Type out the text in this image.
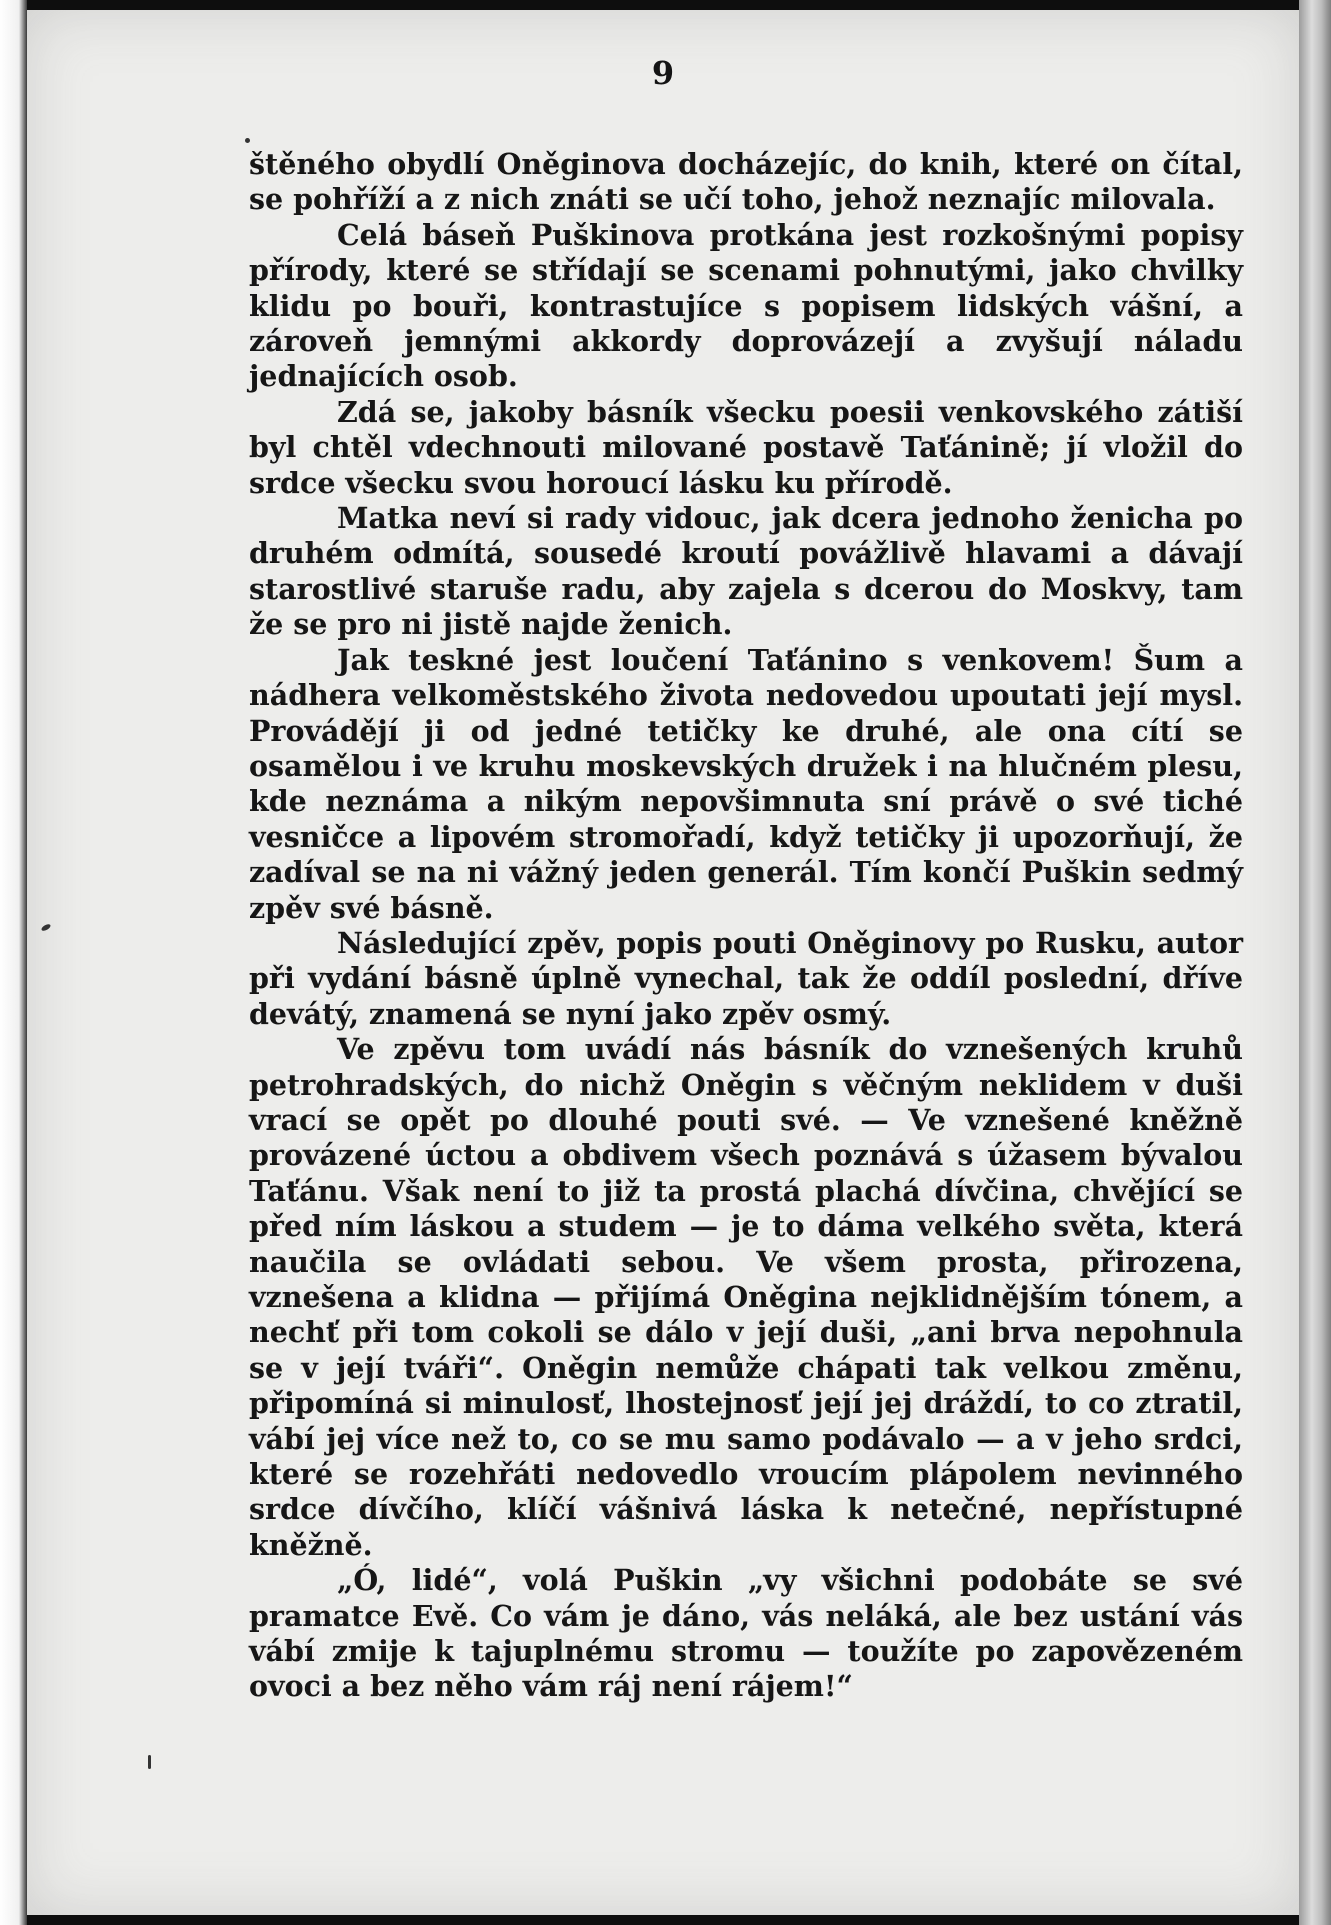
9

štěného obydlí Oněginova docházejíc, do knih, které on čítal, se pohříží a z nich znáti se učí toho, jehož neznajíc milovala.

Celá báseň Puškinova protkána jest rozkošnými popisy přírody, které se střídají se scenami pohnutými, jako chvilky klidu po bouři, kontrastujíce s popisem lidských vášní, a zároveň jemnými akkordy doprovázejí a zvyšují náladu jednajících osob.

Zdá se, jakoby básník všecku poesii venkovského zátiší byl chtěl vdechnouti milované postavě Taťánině; jí vložil do srdce všecku svou horoucí lásku ku přírodě.

Matka neví si rady vidouc, jak dcera jednoho ženicha po druhém odmítá, sousedé kroutí povážlivě hlavami a dávají starostlivé staruše radu, aby zajela s dcerou do Moskvy, tam že se pro ni jistě najde ženich.

Jak teskné jest loučení Taťánino s venkovem! Šum a nádhera velkoměstského života nedovedou upoutati její mysl. Provádějí ji od jedné tetičky ke druhé, ale ona cítí se osamělou i ve kruhu moskevských družek i na hlučném plesu, kde neznáma a nikým nepovšimnuta sní právě o své tiché vesničce a lipovém stromořadí, když tetičky ji upozorňují, že zadíval se na ni vážný jeden generál. Tím končí Puškin sedmý zpěv své básně.

Následující zpěv, popis pouti Oněginovy po Rusku, autor při vydání básně úplně vynechal, tak že oddíl poslední, dříve devátý, znamená se nyní jako zpěv osmý.

Ve zpěvu tom uvádí nás básník do vznešených kruhů petrohradských, do nichž Oněgin s věčným neklidem v duši vrací se opět po dlouhé pouti své. — Ve vznešené kněžně provázené úctou a obdivem všech poznává s úžasem bývalou Taťánu. Však není to již ta prostá plachá dívčina, chvějící se před ním láskou a studem — je to dáma velkého světa, která naučila se ovládati sebou. Ve všem prosta, přirozena, vznešena a klidna — přijímá Oněgina nejklidnějším tónem, a nechť při tom cokoli se dálo v její duši, „ani brva nepohnula se v její tváři“. Oněgin nemůže chápati tak velkou změnu, připomíná si minulosť, lhostejnosť její jej dráždí, to co ztratil, vábí jej více než to, co se mu samo podávalo — a v jeho srdci, které se rozehřáti nedovedlo vroucím plápolem nevinného srdce dívčího, klíčí vášnivá láska k netečné, nepřístupné kněžně.

„Ó, lidé“, volá Puškin „vy všichni podobáte se své pramatce Evě. Co vám je dáno, vás neláká, ale bez ustání vás vábí zmije k tajuplnému stromu — toužíte po zapovězeném ovoci a bez něho vám ráj není rájem!“
